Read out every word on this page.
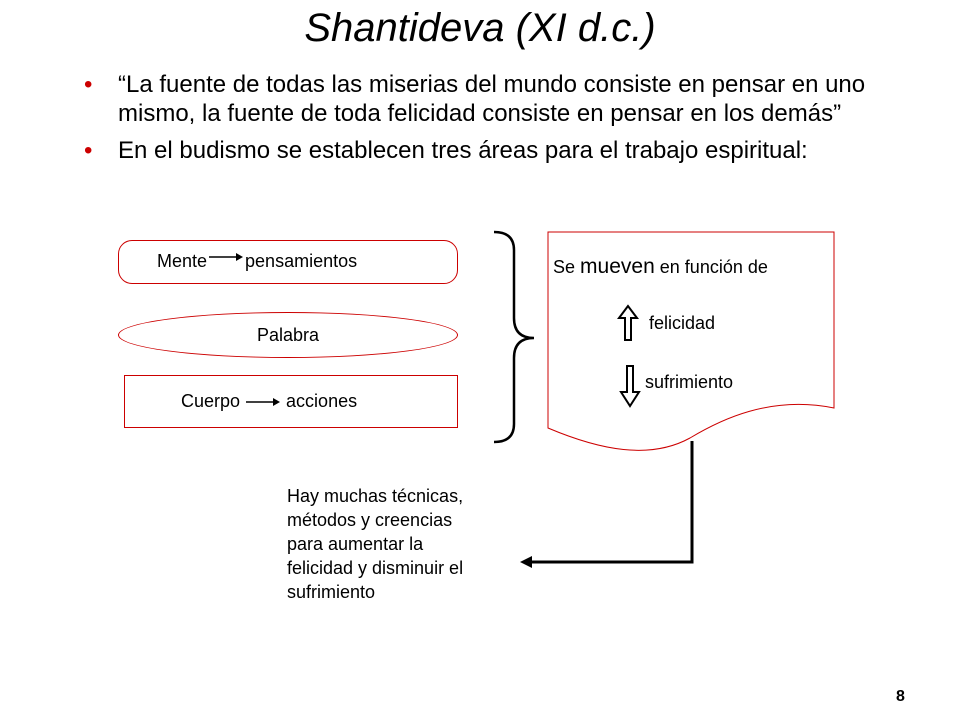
Shantideva (XI d.c.)
• “La fuente de todas las miserias del mundo consiste en pensar en uno mismo, la fuente de toda felicidad consiste en pensar en los demás”
• En el budismo se establecen tres áreas para el trabajo espiritual:
Mente pensamientos
Palabra
Cuerpo	acciones
Se mueven en función de
felicidad
sufrimiento
Hay muchas técnicas,
métodos y creencias
para aumentar la
felicidad y disminuir el
sufrimiento
8
